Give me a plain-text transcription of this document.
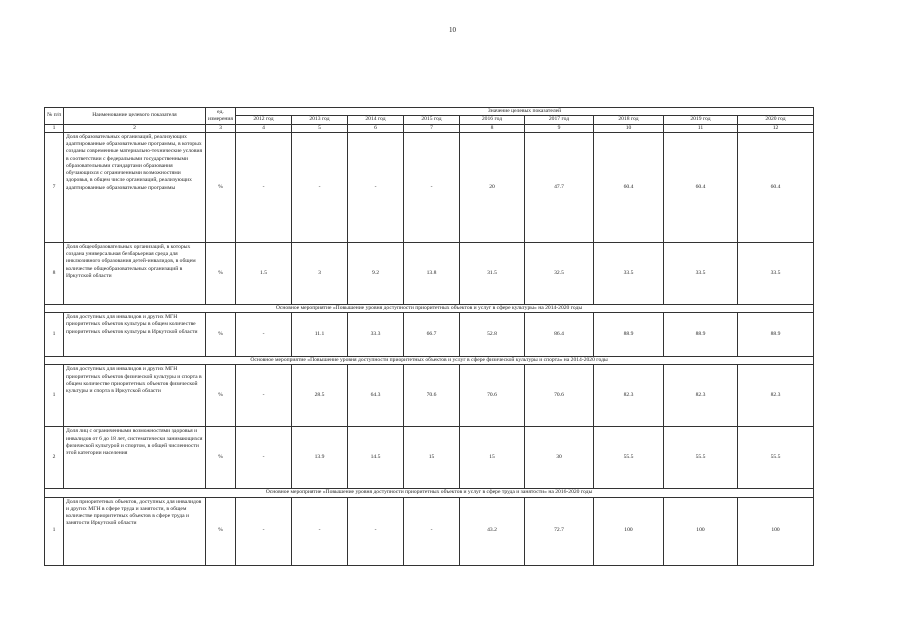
10
№ п/п	Наименование целевого показателя	ед. измерения	Значение целевых показателей								
			2012 год	2013 год	2014 год	2015 год	2016 год	2017 год	2018 год	2019 год	2020 год
1	2	3	4	5	6	7	8	9	10	11	12
7	Доля образовательных организаций, реализующих адаптированные образовательные программы, в которых созданы современные материально-технические условия в соответствии с федеральными государственными образовательными стандартами образования обучающихся с ограниченными возможностями здоровья, в общем числе организаций, реализующих адаптированные образовательные программы	%	-	-	-	-	20	47.7	60.4	60.4	60.4
8	Доля общеобразовательных организаций, в которых создана универсальная безбарьерная среда для инклюзивного образования детей-инвалидов, в общем количестве общеобразовательных организаций в Иркутской области	%	1.5	3	9.2	13.8	31.5	32.5	33.5	33.5	33.5
Основное мероприятие «Повышение уровня доступности приоритетных объектов и услуг в сфере культуры» на 2014-2020 годы											
1	Доля доступных для инвалидов и других МГН приоритетных объектов культуры в общем количестве приоритетных объектов культуры в Иркутской области	%	-	11.1	33.3	66.7	52.8	86.4	88.9	88.9	88.9
Основное мероприятие «Повышение уровня доступности приоритетных объектов и услуг в сфере физической культуры и спорта» на 2014-2020 годы											
1	Доля доступных для инвалидов и других МГН приоритетных объектов физической культуры и спорта в общем количестве приоритетных объектов физической культуры и спорта в Иркутской области	%	-	28.5	64.3	70.6	70.6	70.6	82.3	82.3	82.3
2	Доля лиц с ограниченными возможностями здоровья и инвалидов от 6 до 18 лет, систематически занимающихся физической культурой и спортом, в общей численности этой категории населения	%	-	13.9	14.5	15	15	30	55.5	55.5	55.5
Основное мероприятие «Повышение уровня доступности приоритетных объектов и услуг в сфере труда и занятости» на 2016-2020 годы											
1	Доля приоритетных объектов, доступных для инвалидов и других МГН в сфере труда и занятости, в общем количестве приоритетных объектов в сфере труда и занятости Иркутской области	%	-	-	-	-	43.2	72.7	100	100	100
